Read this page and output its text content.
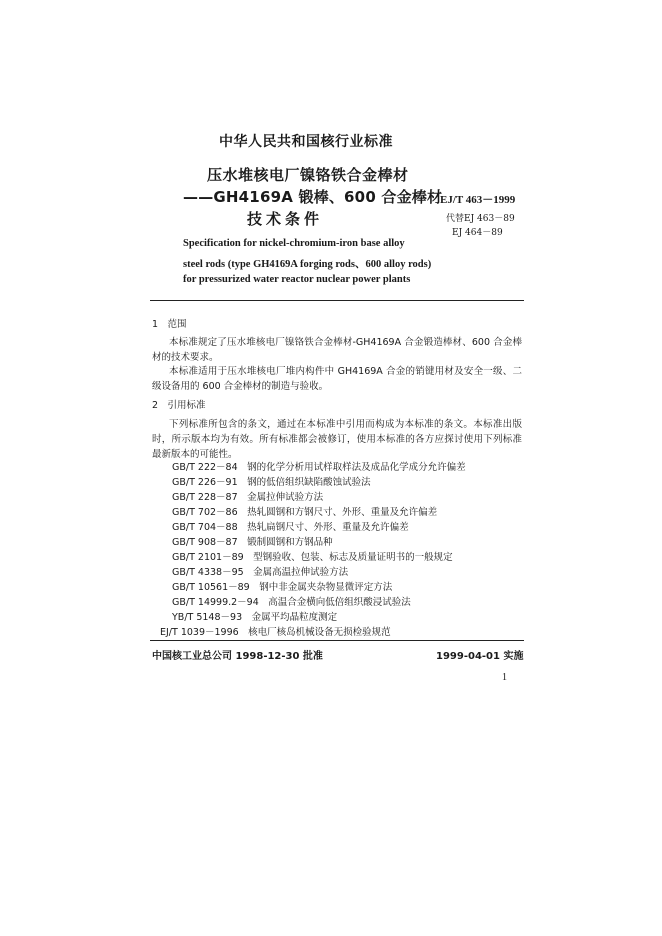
中华人民共和国核行业标准
压水堆核电厂镍铬铁合金棒材
——GH4169A 锻棒、600 合金棒材
技术条件
EJ/T 463－1999
代替EJ 463－89
EJ 464－89
Specification for nickel-chromium-iron base alloy
steel rods (type GH4169A forging rods、600 alloy rods)
for pressurized water reactor nuclear power plants
1　范围
本标准规定了压水堆核电厂镍铬铁合金棒材-GH4169A 合金锻造棒材、600 合金棒材的技术要求。
本标准适用于压水堆核电厂堆内构件中 GH4169A 合金的销键用材及安全一级、二级设备用的 600 合金棒材的制造与验收。
2　引用标准
下列标准所包含的条文，通过在本标准中引用而构成为本标准的条文。本标准出版时，所示版本均为有效。所有标准都会被修订，使用本标准的各方应探讨使用下列标准最新版本的可能性。
GB/T 222－84　钢的化学分析用试样取样法及成品化学成分允许偏差
GB/T 226－91　钢的低倍组织缺陷酸蚀试验法
GB/T 228－87　金属拉伸试验方法
GB/T 702－86　热轧圆钢和方钢尺寸、外形、重量及允许偏差
GB/T 704－88　热轧扁钢尺寸、外形、重量及允许偏差
GB/T 908－87　锻制圆钢和方钢品种
GB/T 2101－89　型钢验收、包装、标志及质量证明书的一般规定
GB/T 4338－95　金属高温拉伸试验方法
GB/T 10561－89　钢中非金属夹杂物显微评定方法
GB/T 14999.2－94　高温合金横向低倍组织酸浸试验法
YB/T 5148－93　金属平均晶粒度测定
EJ/T 1039－1996　核电厂核岛机械设备无损检验规范
中国核工业总公司 1998-12-30 批准	1999-04-01 实施
1
